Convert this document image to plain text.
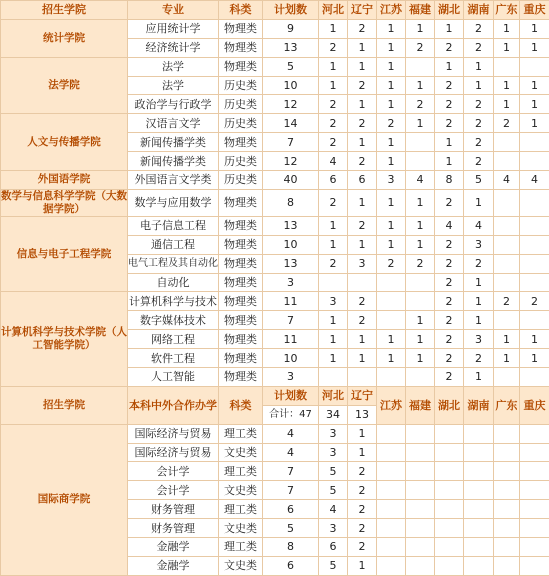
招生学院	专业	科类	计划数	河北	辽宁	江苏	福建	湖北	湖南	广东	重庆
统计学院	应用统计学	物理类	9	1	2	1	1	1	2	1	1
	经济统计学	物理类	13	2	1	1	2	2	2	1	1
法学院	法学	物理类	5	1	1	1		1	1		
	法学	历史类	10	1	2	1	1	2	1	1	1
	政治学与行政学	历史类	12	2	1	1	2	2	2	1	1
人文与传播学院	汉语言文学	历史类	14	2	2	2	1	2	2	2	1
	新闻传播学类	物理类	7	2	1	1		1	2		
	新闻传播学类	历史类	12	4	2	1		1	2		
外国语学院	外国语言文学类	历史类	40	6	6	3	4	8	5	4	4
数学与信息科学学院（大数据学院）	数学与应用数学	物理类	8	2	1	1	1	2	1		
信息与电子工程学院	电子信息工程	物理类	13	1	2	1	1	4	4		
	通信工程	物理类	10	1	1	1	1	2	3		
	电气工程及其自动化	物理类	13	2	3	2	2	2	2		
	自动化	物理类	3					2	1		
计算机科学与技术学院（人工智能学院）	计算机科学与技术	物理类	11	3	2			2	1	2	2
	数字媒体技术	物理类	7	1	2		1	2	1		
	网络工程	物理类	11	1	1	1	1	2	3	1	1
	软件工程	物理类	10	1	1	1	1	2	2	1	1
	人工智能	物理类	3					2	1		
招生学院	本科中外合作办学	科类	计划数	河北	辽宁	江苏	福建	湖北	湖南	广东	重庆
			合计：47	34	13						
国际商学院	国际经济与贸易	理工类	4	3	1						
	国际经济与贸易	文史类	4	3	1						
	会计学	理工类	7	5	2						
	会计学	文史类	7	5	2						
	财务管理	理工类	6	4	2						
	财务管理	文史类	5	3	2						
	金融学	理工类	8	6	2						
	金融学	文史类	6	5	1						
